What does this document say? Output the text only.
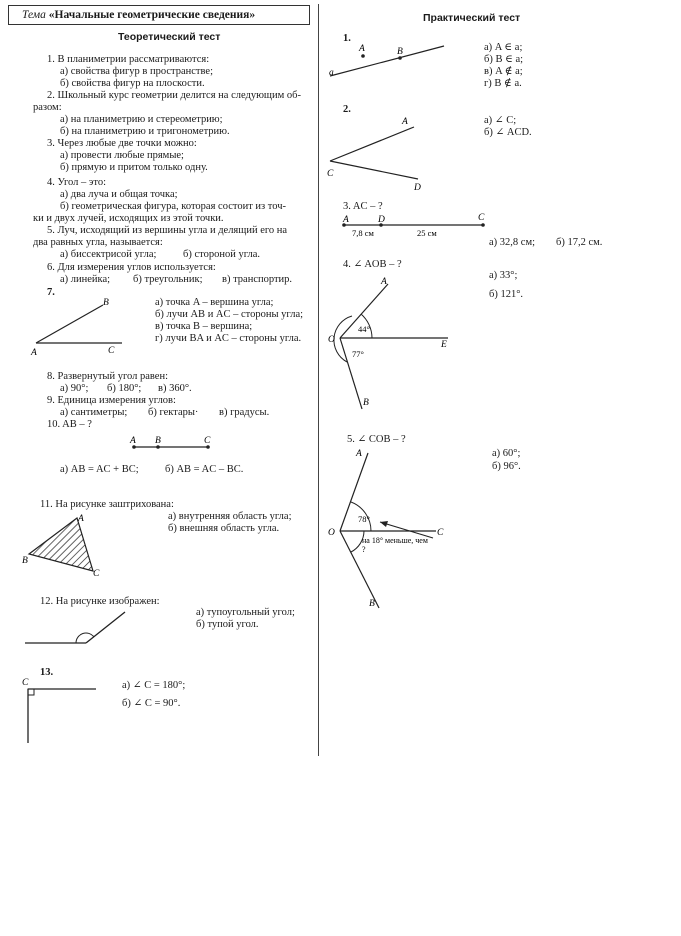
Тема «Начальные геометрические сведения»
Теоретический тест
1. В планиметрии рассматриваются:
а) свойства фигур в пространстве;
б) свойства фигур на плоскости.
2. Школьный курс геометрии делится на следующим об-
разом:
а) на планиметрию и стереометрию;
б) на планиметрию и тригонометрию.
3. Через любые две точки можно:
а) провести любые прямые;
б) прямую и притом только одну.
4. Угол – это:
а) два луча и общая точка;
б) геометрическая фигура, которая состоит из точ-
ки и двух лучей, исходящих из этой точки.
5. Луч, исходящий из вершины угла и делящий его на
два равных угла, называется:
а) биссектрисой угла;	б) стороной угла.
6. Для измерения углов используется:
а) линейка; б) треугольник; в) транспортир.
7.
A
B
C
а) точка A – вершина угла;
б) лучи AB и AC – стороны угла;
в) точка B – вершина;
г) лучи BA и AC – стороны угла.
8. Развернутый угол равен:
а) 90°; б) 180°; в) 360°.
9. Единица измерения углов:
а) сантиметры; б) гектары· в) градусы.
10. AB – ?
A B	C
а) AB = AC + BC;	б) AB = AC – BC.
11. На рисунке заштрихована:
A
B
C
а) внутренняя область угла;
б) внешняя область угла.
12. На рисунке изображен:
а) тупоугольный угол;
б) тупой угол.
13.
C	а) ∠ C = 180°;
б) ∠ C = 90°.
Практический тест
1.
A	B
a
а) A ∈ a;
б) B ∈ a;
в) A ∉ a;
г) B ∉ a.
2.
A
C
D
а) ∠ C;
б) ∠ ACD.
3. AC – ?
A	D	C
7,8 см	25 см
а) 32,8 см; б) 17,2 см.
4. ∠ AOB – ?
A
O	E
B
44°
77°
а) 33°;
б) 121°.
5. ∠ COB – ?
A
O	C
B
78°
на 18° меньше, чем
?
а) 60°;
б) 96°.
